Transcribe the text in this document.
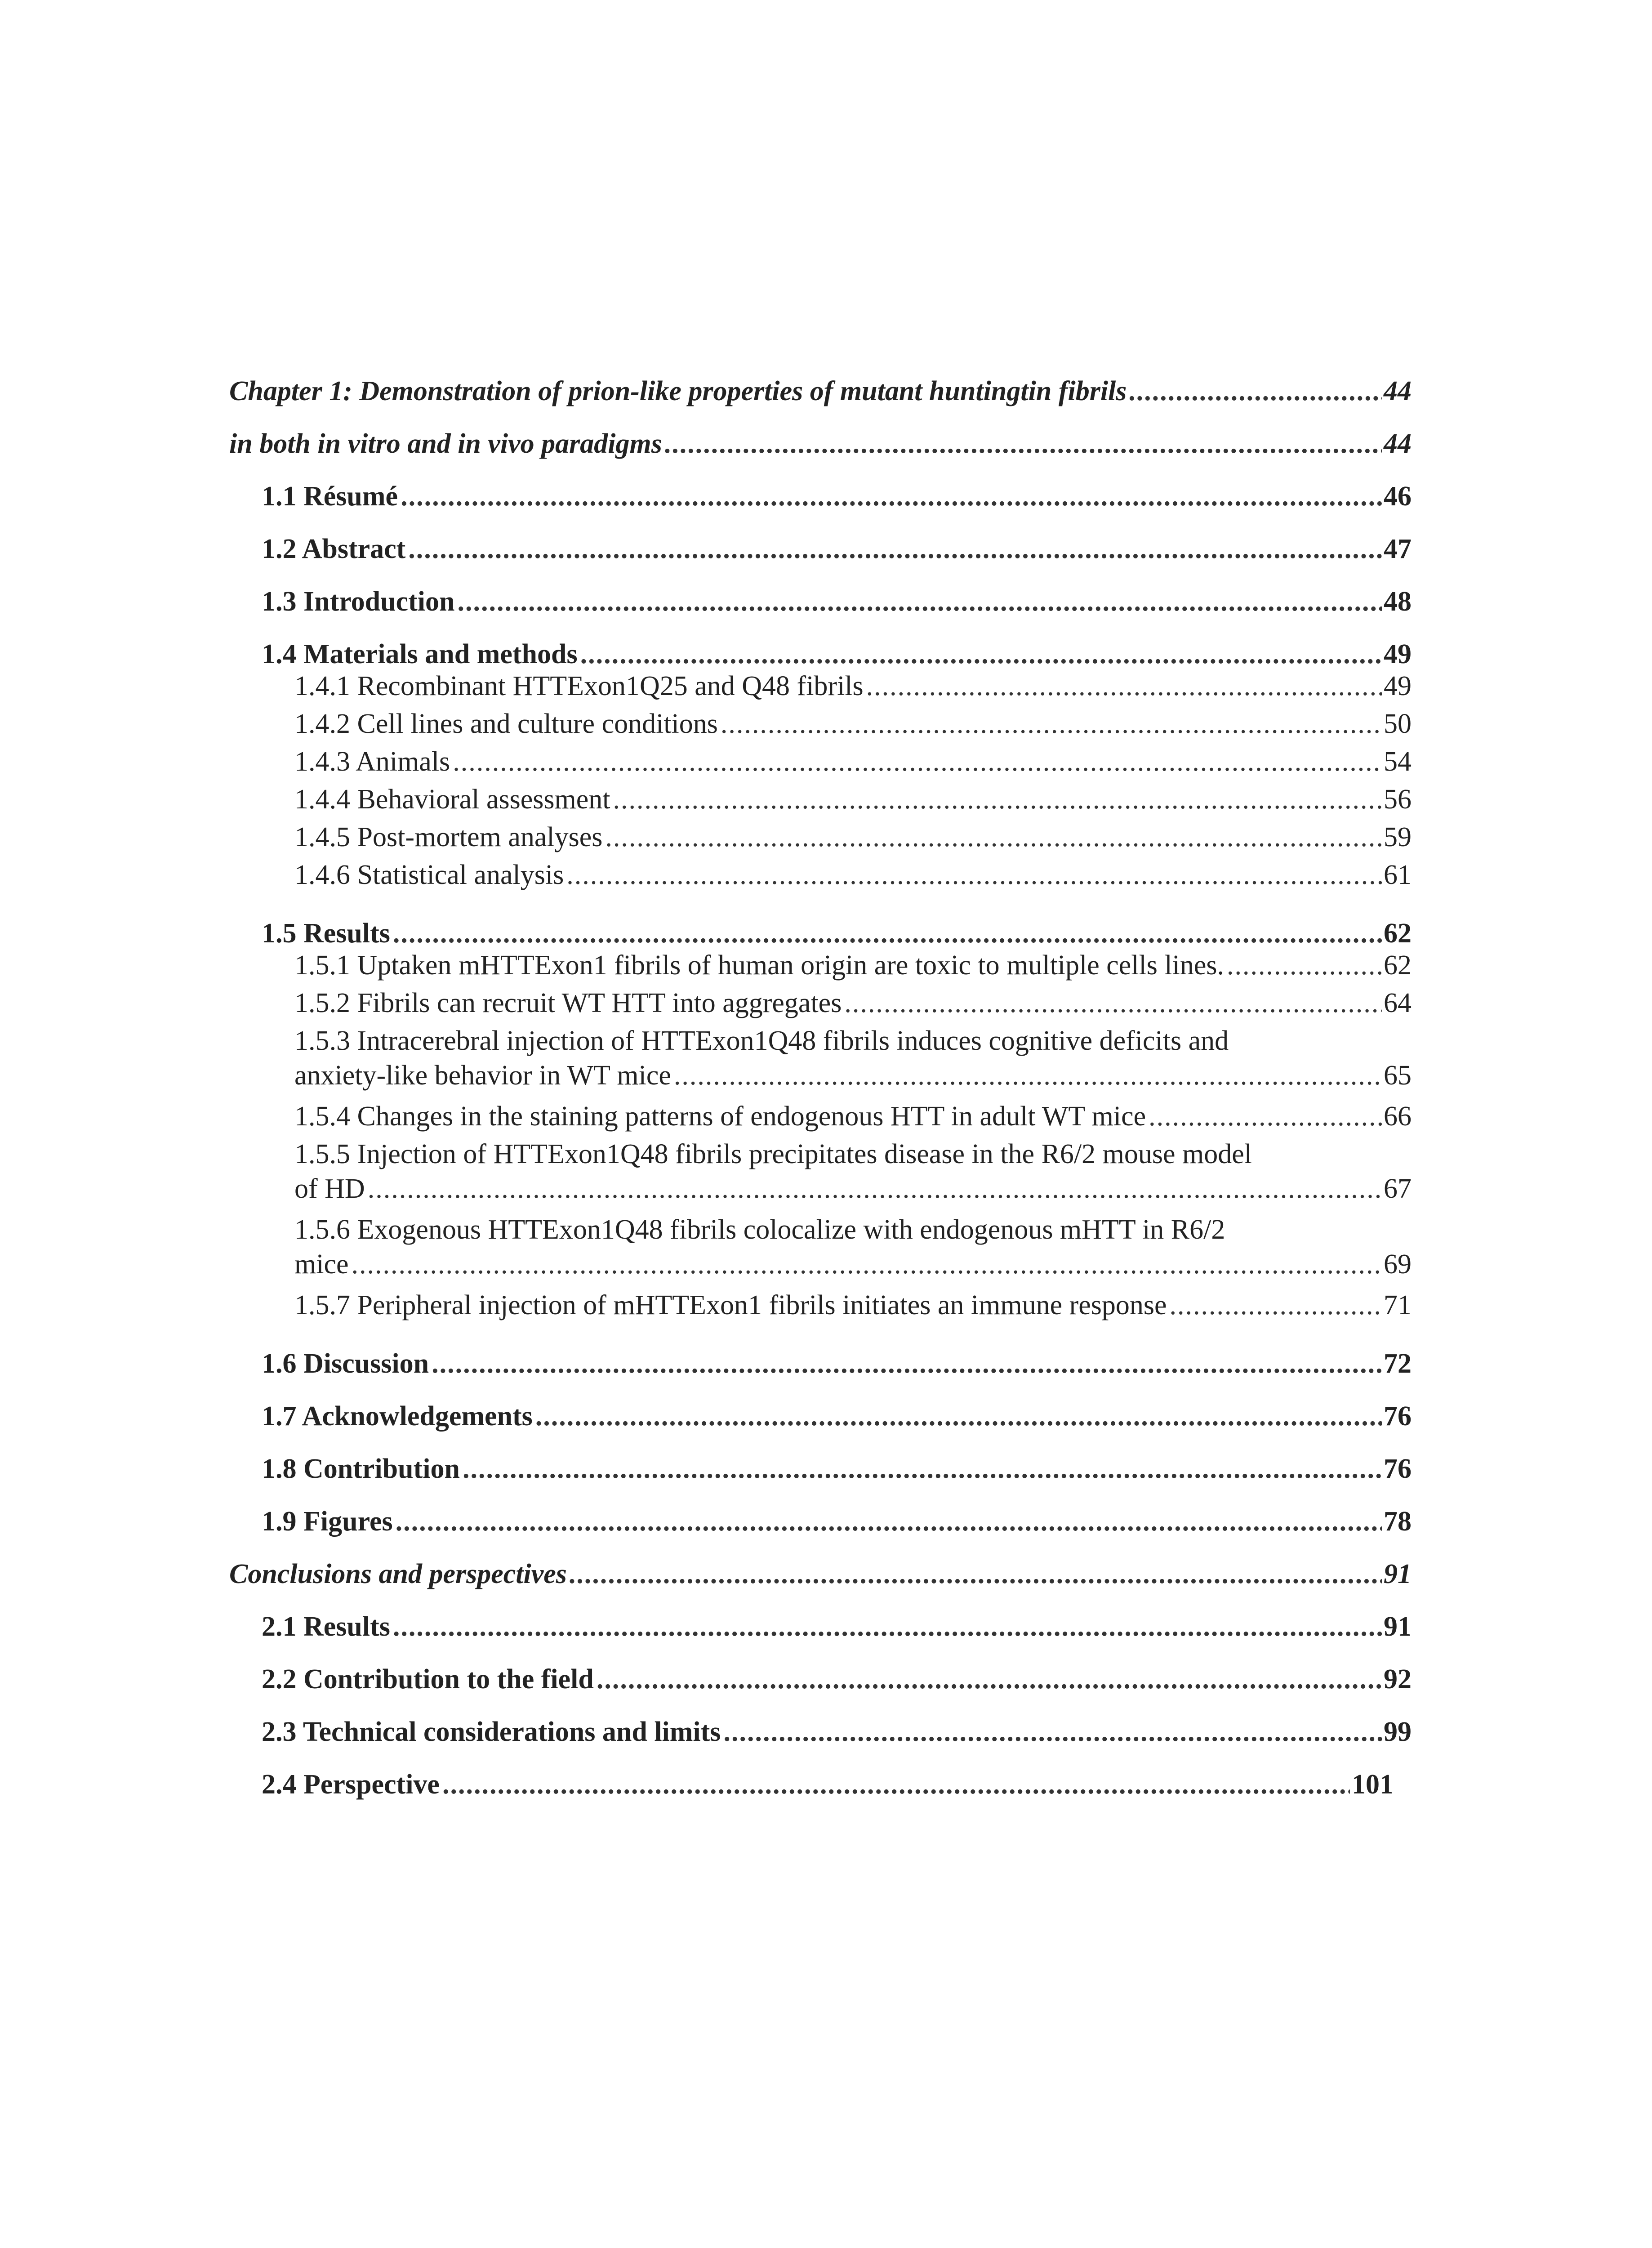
Chapter 1: Demonstration of prion-like properties of mutant huntingtin fibrils .....	44
in both in vitro and in vivo paradigms .....	44
1.1 Résumé .....	46
1.2 Abstract .....	47
1.3 Introduction .....	48
1.4 Materials and methods .....	49
1.4.1 Recombinant HTTExon1Q25 and Q48 fibrils .....	49
1.4.2 Cell lines and culture conditions .....	50
1.4.3 Animals .....	54
1.4.4 Behavioral assessment .....	56
1.4.5 Post-mortem analyses .....	59
1.4.6 Statistical analysis .....	61
1.5 Results .....	62
1.5.1 Uptaken mHTTExon1 fibrils of human origin are toxic to multiple cells lines. .....	62
1.5.2 Fibrils can recruit WT HTT into aggregates .....	64
1.5.3 Intracerebral injection of HTTExon1Q48 fibrils induces cognitive deficits and
anxiety-like behavior in WT mice .....	65
1.5.4 Changes in the staining patterns of endogenous HTT in adult WT mice .....	66
1.5.5 Injection of HTTExon1Q48 fibrils precipitates disease in the R6/2 mouse model
of HD .....	67
1.5.6 Exogenous HTTExon1Q48 fibrils colocalize with endogenous mHTT in R6/2
mice .....	69
1.5.7 Peripheral injection of mHTTExon1 fibrils initiates an immune response .....	71
1.6 Discussion .....	72
1.7 Acknowledgements .....	76
1.8 Contribution .....	76
1.9 Figures .....	78
Conclusions and perspectives .....	91
2.1 Results .....	91
2.2 Contribution to the field .....	92
2.3 Technical considerations and limits .....	99
2.4 Perspective .....	101
